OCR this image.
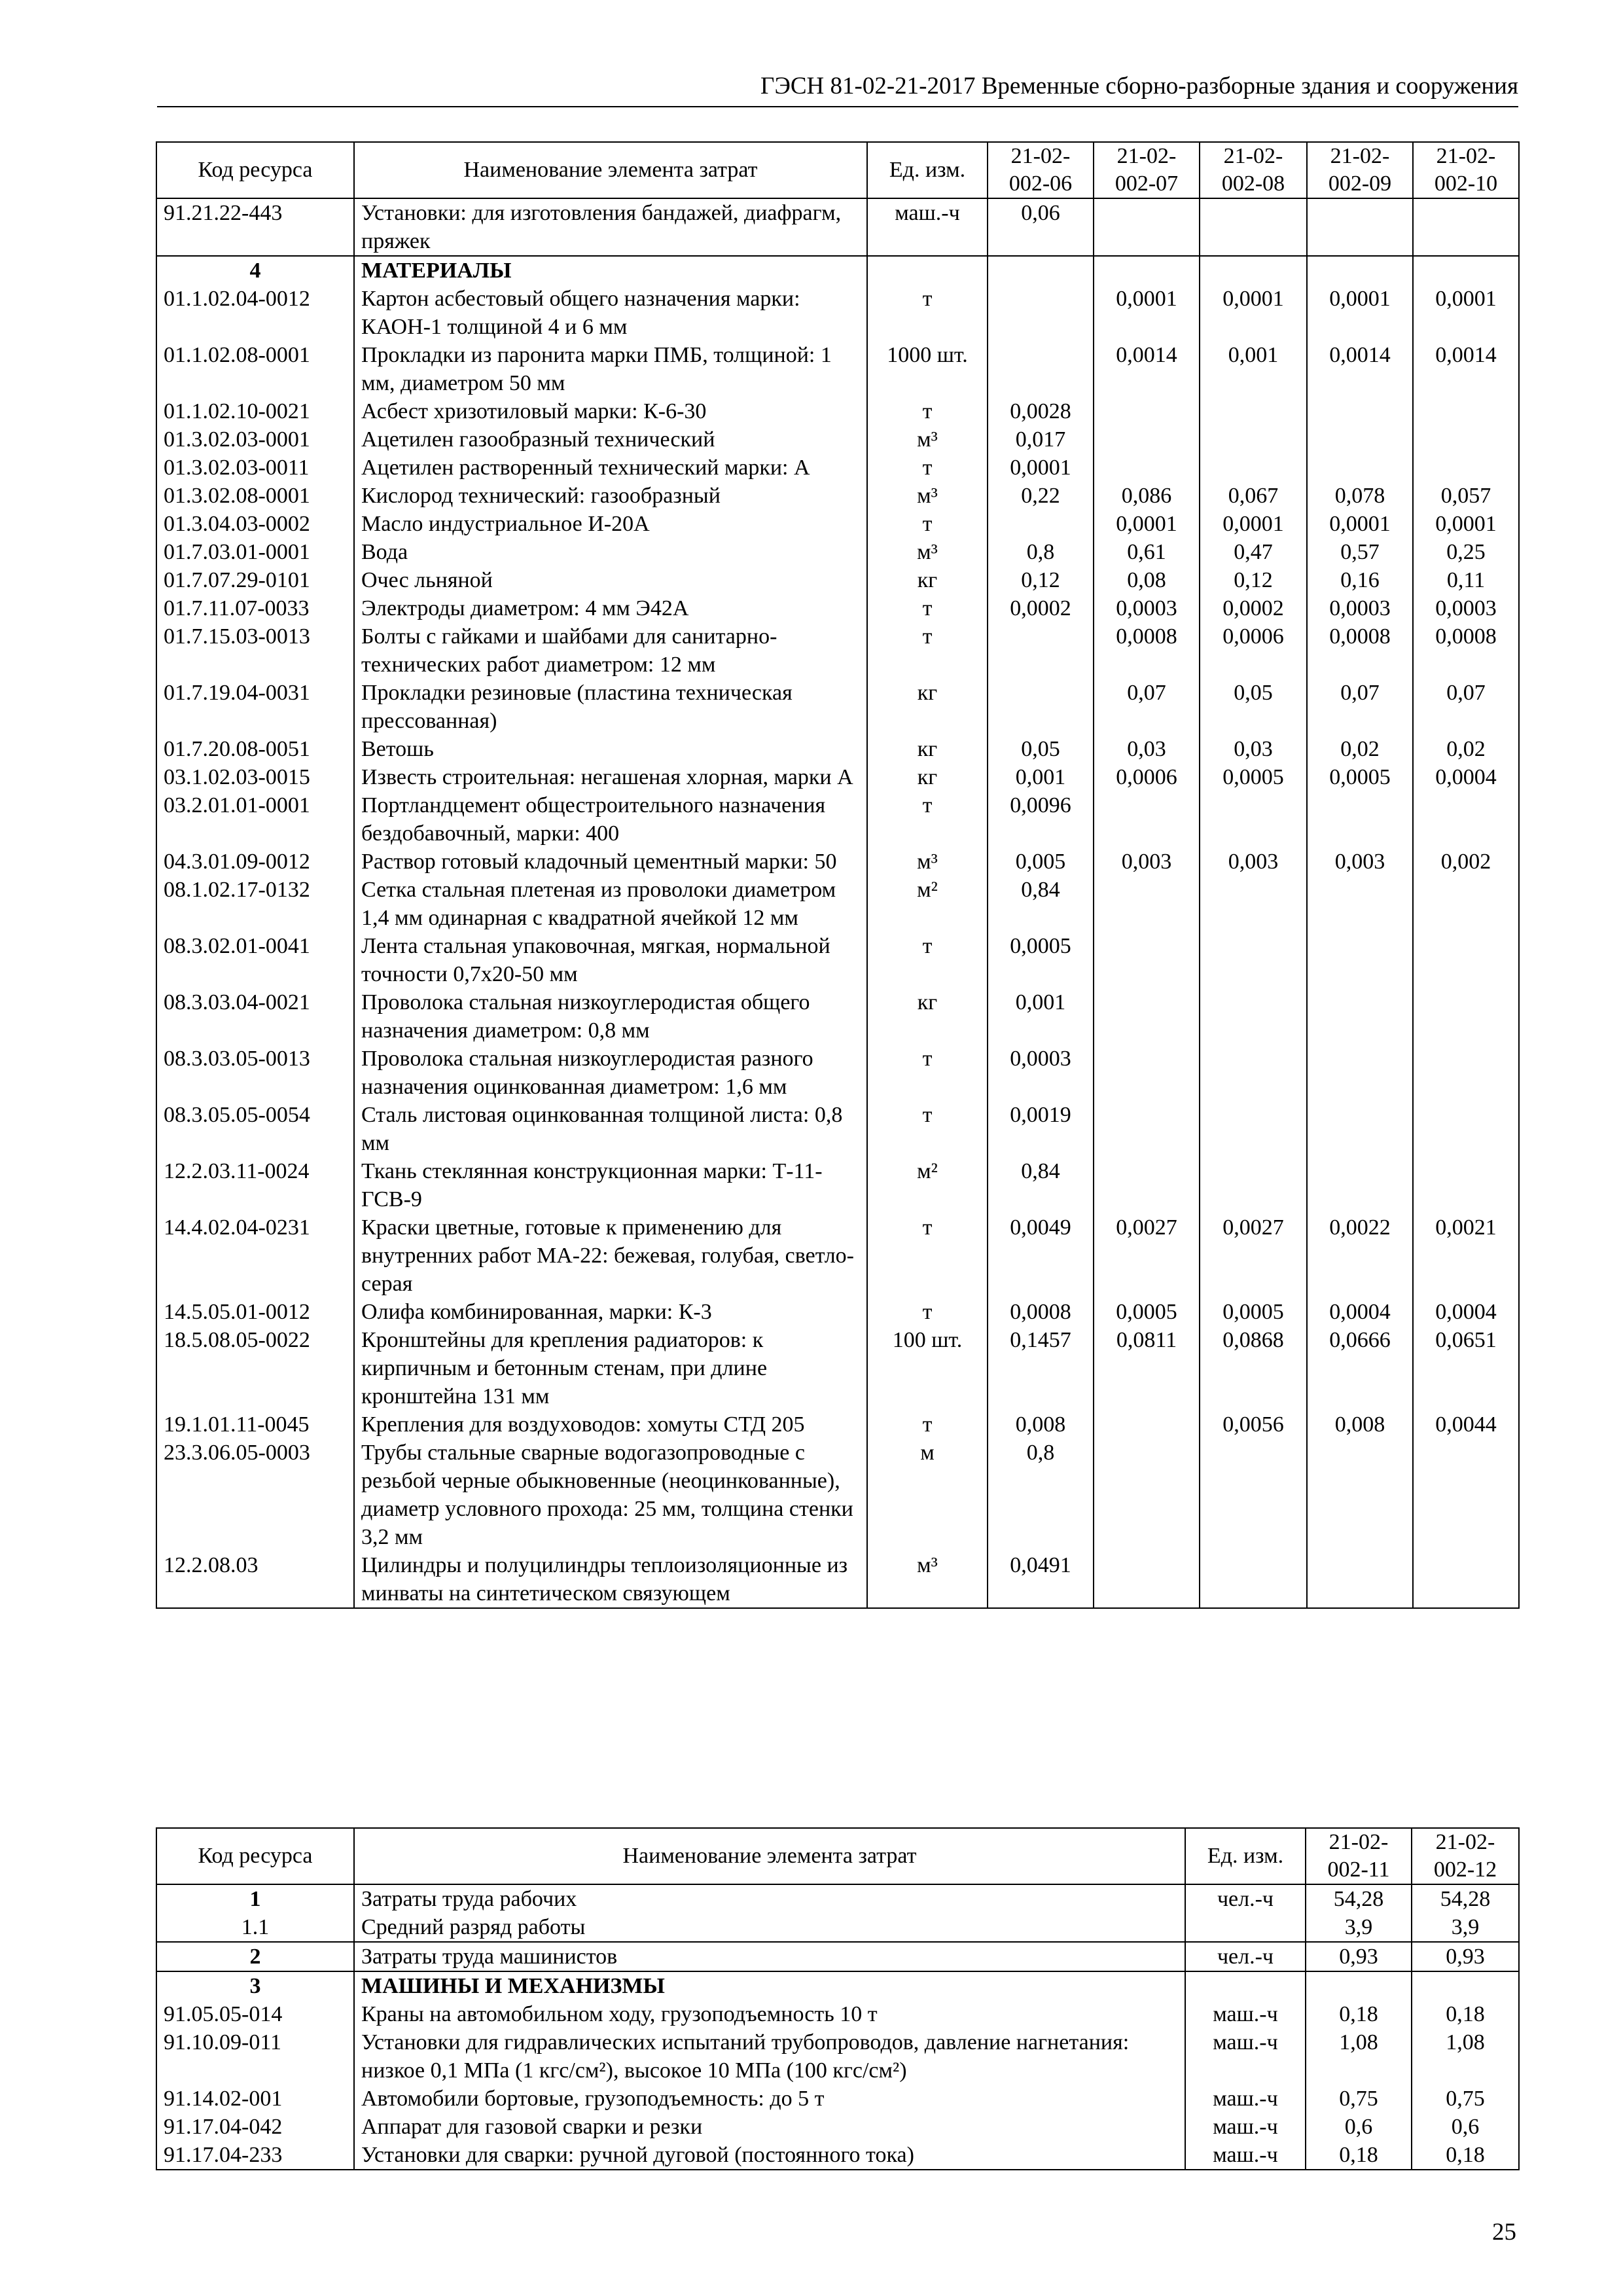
ГЭСН 81-02-21-2017 Временные сборно-разборные здания и сооружения
Код ресурса	Наименование элемента затрат	Ед. изм.	21-02-002-06	21-02-002-07	21-02-002-08	21-02-002-09	21-02-002-10
91.21.22-443	Установки: для изготовления бандажей, диафрагм, пряжек	маш.-ч	0,06				
4	МАТЕРИАЛЫ						
01.1.02.04-0012	Картон асбестовый общего назначения марки: КАОН-1 толщиной 4 и 6 мм	т		0,0001	0,0001	0,0001	0,0001
01.1.02.08-0001	Прокладки из паронита марки ПМБ, толщиной: 1 мм, диаметром 50 мм	1000 шт.		0,0014	0,001	0,0014	0,0014
01.1.02.10-0021	Асбест хризотиловый марки: К-6-30	т	0,0028				
01.3.02.03-0001	Ацетилен газообразный технический	м³	0,017				
01.3.02.03-0011	Ацетилен растворенный технический марки: А	т	0,0001				
01.3.02.08-0001	Кислород технический: газообразный	м³	0,22	0,086	0,067	0,078	0,057
01.3.04.03-0002	Масло индустриальное И-20А	т		0,0001	0,0001	0,0001	0,0001
01.7.03.01-0001	Вода	м³	0,8	0,61	0,47	0,57	0,25
01.7.07.29-0101	Очес льняной	кг	0,12	0,08	0,12	0,16	0,11
01.7.11.07-0033	Электроды диаметром: 4 мм Э42А	т	0,0002	0,0003	0,0002	0,0003	0,0003
01.7.15.03-0013	Болты с гайками и шайбами для санитарно-технических работ диаметром: 12 мм	т		0,0008	0,0006	0,0008	0,0008
01.7.19.04-0031	Прокладки резиновые (пластина техническая прессованная)	кг		0,07	0,05	0,07	0,07
01.7.20.08-0051	Ветошь	кг	0,05	0,03	0,03	0,02	0,02
03.1.02.03-0015	Известь строительная: негашеная хлорная, марки А	кг	0,001	0,0006	0,0005	0,0005	0,0004
03.2.01.01-0001	Портландцемент общестроительного назначения бездобавочный, марки: 400	т	0,0096				
04.3.01.09-0012	Раствор готовый кладочный цементный марки: 50	м³	0,005	0,003	0,003	0,003	0,002
08.1.02.17-0132	Сетка стальная плетеная из проволоки диаметром 1,4 мм одинарная с квадратной ячейкой 12 мм	м²	0,84				
08.3.02.01-0041	Лента стальная упаковочная, мягкая, нормальной точности 0,7х20-50 мм	т	0,0005				
08.3.03.04-0021	Проволока стальная низкоуглеродистая общего назначения диаметром: 0,8 мм	кг	0,001				
08.3.03.05-0013	Проволока стальная низкоуглеродистая разного назначения оцинкованная диаметром: 1,6 мм	т	0,0003				
08.3.05.05-0054	Сталь листовая оцинкованная толщиной листа: 0,8 мм	т	0,0019				
12.2.03.11-0024	Ткань стеклянная конструкционная марки: Т-11-ГСВ-9	м²	0,84				
14.4.02.04-0231	Краски цветные, готовые к применению для внутренних работ МА-22: бежевая, голубая, светло-серая	т	0,0049	0,0027	0,0027	0,0022	0,0021
14.5.05.01-0012	Олифа комбинированная, марки: К-3	т	0,0008	0,0005	0,0005	0,0004	0,0004
18.5.08.05-0022	Кронштейны для крепления радиаторов: к кирпичным и бетонным стенам, при длине кронштейна 131 мм	100 шт.	0,1457	0,0811	0,0868	0,0666	0,0651
19.1.01.11-0045	Крепления для воздуховодов: хомуты СТД 205	т	0,008		0,0056	0,008	0,0044
23.3.06.05-0003	Трубы стальные сварные водогазопроводные с резьбой черные обыкновенные (неоцинкованные), диаметр условного прохода: 25 мм, толщина стенки 3,2 мм	м	0,8				
12.2.08.03	Цилиндры и полуцилиндры теплоизоляционные из минваты на синтетическом связующем	м³	0,0491				
Код ресурса	Наименование элемента затрат	Ед. изм.	21-02-002-11	21-02-002-12
1	Затраты труда рабочих	чел.-ч	54,28	54,28
1.1	Средний разряд работы		3,9	3,9
2	Затраты труда машинистов	чел.-ч	0,93	0,93
3	МАШИНЫ И МЕХАНИЗМЫ			
91.05.05-014	Краны на автомобильном ходу, грузоподъемность 10 т	маш.-ч	0,18	0,18
91.10.09-011	Установки для гидравлических испытаний трубопроводов, давление нагнетания: низкое 0,1 МПа (1 кгс/см²), высокое 10 МПа (100 кгс/см²)	маш.-ч	1,08	1,08
91.14.02-001	Автомобили бортовые, грузоподъемность: до 5 т	маш.-ч	0,75	0,75
91.17.04-042	Аппарат для газовой сварки и резки	маш.-ч	0,6	0,6
91.17.04-233	Установки для сварки: ручной дуговой (постоянного тока)	маш.-ч	0,18	0,18
25
